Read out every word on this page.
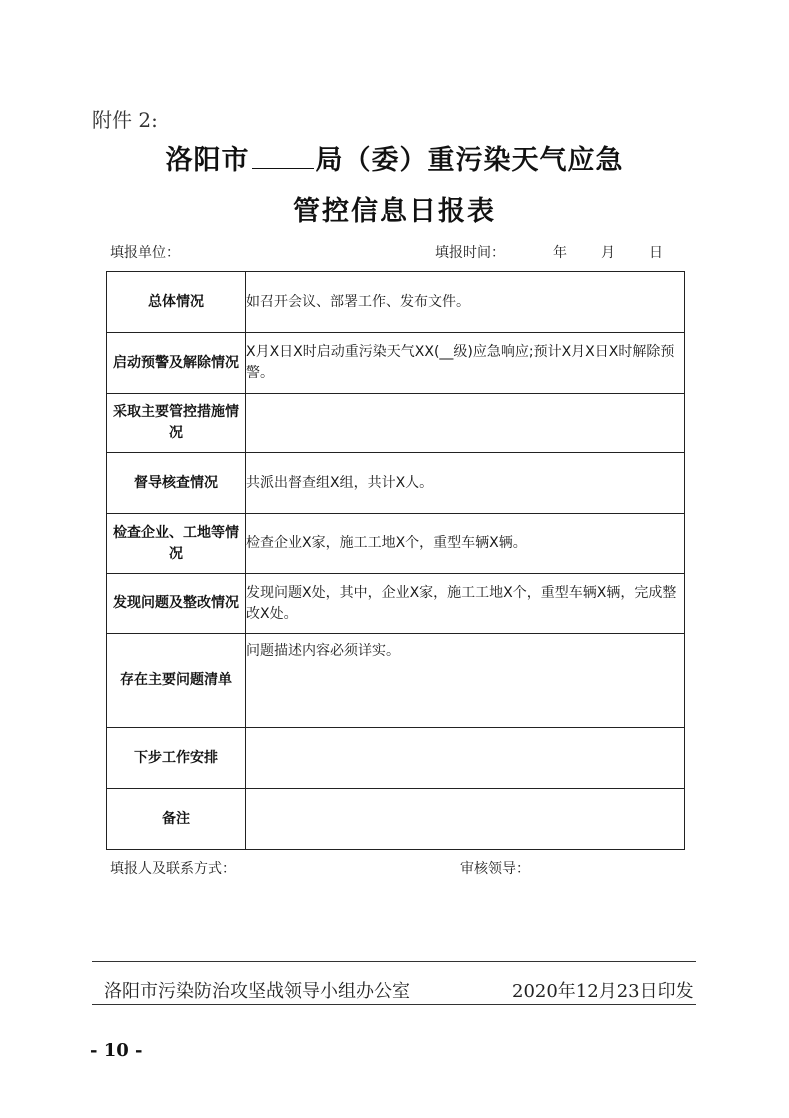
附件 2:
洛阳市 局（委）重污染天气应急
管控信息日报表
填报单位：	填报时间：	年 月 日
总体情况	如召开会议、部署工作、发布文件。
启动预警及解除情况	X月X日X时启动重污染天气XX(__级)应急响应;预计X月X日X时解除预警。
采取主要管控措施情况	
督导核查情况	共派出督查组X组，共计X人。
检查企业、工地等情况	检查企业X家，施工工地X个，重型车辆X辆。
发现问题及整改情况	发现问题X处，其中，企业X家，施工工地X个，重型车辆X辆，完成整改X处。
存在主要问题清单	问题描述内容必须详实。
下步工作安排	
备注	
填报人及联系方式：	审核领导：
洛阳市污染防治攻坚战领导小组办公室	2020年12月23日印发
- 10 -
